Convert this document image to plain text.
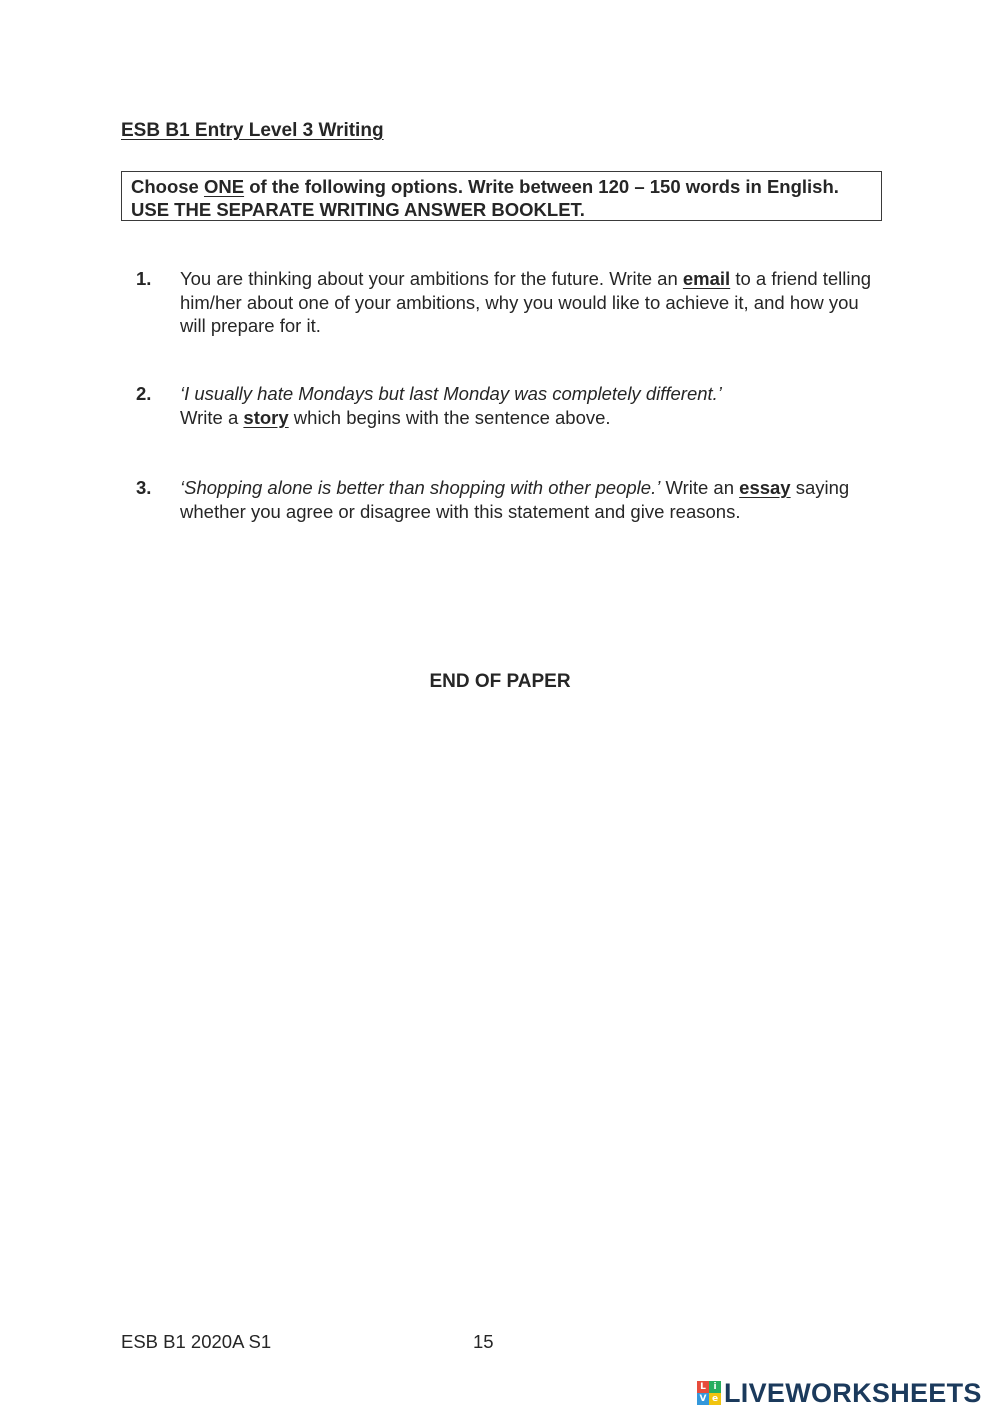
ESB B1 Entry Level 3 Writing
Choose ONE of the following options. Write between 120 – 150 words in English. USE THE SEPARATE WRITING ANSWER BOOKLET.
1. You are thinking about your ambitions for the future. Write an email to a friend telling him/her about one of your ambitions, why you would like to achieve it, and how you will prepare for it.
2. ‘I usually hate Mondays but last Monday was completely different.’
Write a story which begins with the sentence above.
3. ‘Shopping alone is better than shopping with other people.’ Write an essay saying whether you agree or disagree with this statement and give reasons.
END OF PAPER
ESB B1 2020A S1	15
L i
V e LIVEWORKSHEETS
